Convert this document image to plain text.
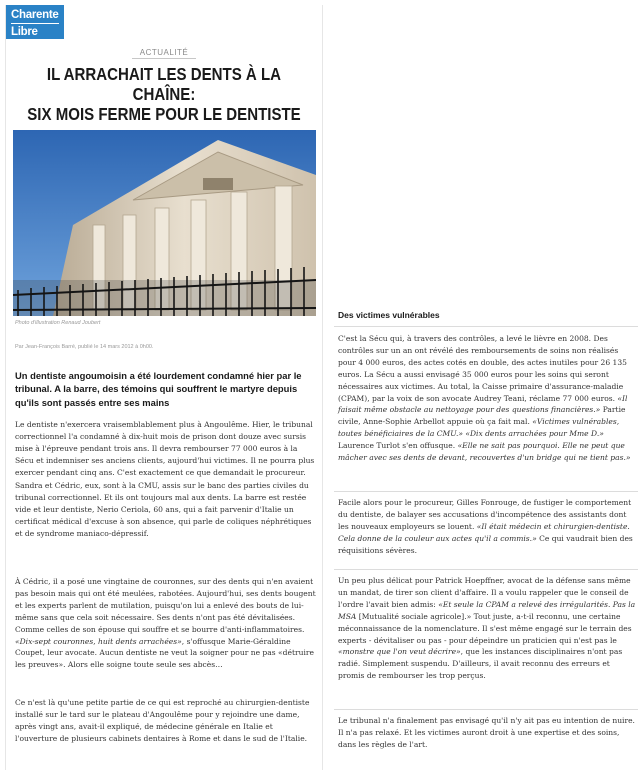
Charente
Libre
ACTUALITÉ
IL ARRACHAIT LES DENTS À LA CHAÎNE:
SIX MOIS FERME POUR LE DENTISTE
Photo d'illustration Renaud Joubert
Par Jean-François Barré, publié le 14 mars 2012 à 0h00.
Un dentiste angoumoisin a été lourdement condamné hier par le tribunal. A la barre, des témoins qui souffrent le martyre depuis qu'ils sont passés entre ses mains
Le dentiste n'exercera vraisemblablement plus à Angoulême. Hier, le tribunal correctionnel l'a condamné à dix-huit mois de prison dont douze avec sursis mise à l'épreuve pendant trois ans. Il devra rembourser 77 000 euros à la Sécu et indemniser ses anciens clients, aujourd'hui victimes. Il ne pourra plus exercer pendant cinq ans. C'est exactement ce que demandait le procureur.
Sandra et Cédric, eux, sont à la CMU, assis sur le banc des parties civiles du tribunal correctionnel. Et ils ont toujours mal aux dents. La barre est restée vide et leur dentiste, Nerio Ceriola, 60 ans, qui a fait parvenir d'Italie un certificat médical d'excuse à son absence, qui parle de coliques néphrétiques et de syndrome maniaco-dépressif.
À Cédric, il a posé une vingtaine de couronnes, sur des dents qui n'en avaient pas besoin mais qui ont été meulées, rabotées. Aujourd'hui, ses dents bougent et les experts parlent de mutilation, puisqu'on lui a enlevé des bouts de lui-même sans que cela soit nécessaire. Ses dents n'ont pas été dévitalisées. Comme celles de son épouse qui souffre et se bourre d'anti-inflammatoires. «Dix-sept couronnes, huit dents arrachées», s'offusque Marie-Géraldine Coupet, leur avocate. Aucun dentiste ne veut la soigner pour ne pas «détruire les preuves». Alors elle soigne toute seule ses abcès…
Ce n'est là qu'une petite partie de ce qui est reproché au chirurgien-dentiste installé sur le tard sur le plateau d'Angoulême pour y rejoindre une dame, après vingt ans, avait-il expliqué, de médecine générale en Italie et l'ouverture de plusieurs cabinets dentaires à Rome et dans le sud de l'Italie.
Des victimes vulnérables
C'est la Sécu qui, à travers des contrôles, a levé le lièvre en 2008. Des contrôles sur un an ont révélé des remboursements de soins non réalisés pour 4 000 euros, des actes cotés en double, des actes inutiles pour 26 135 euros. La Sécu a aussi envisagé 35 000 euros pour les soins qui seront nécessaires aux victimes. Au total, la Caisse primaire d'assurance-maladie (CPAM), par la voix de son avocate Audrey Teani, réclame 77 000 euros. «Il faisait même obstacle au nettoyage pour des questions financières.» Partie civile, Anne-Sophie Arbellot appuie où ça fait mal. «Victimes vulnérables, toutes bénéficiaires de la CMU.» «Dix dents arrachées pour Mme D.» Laurence Turlot s'en offusque. «Elle ne sait pas pourquoi. Elle ne peut que mâcher avec ses dents de devant, recouvertes d'un bridge qui ne tient pas.»
Facile alors pour le procureur, Gilles Fonrouge, de fustiger le comportement du dentiste, de balayer ses accusations d'incompétence des assistants dont les nouveaux employeurs se louent. «Il était médecin et chirurgien-dentiste. Cela donne de la couleur aux actes qu'il a commis.» Ce qui vaudrait bien des réquisitions sévères.
Un peu plus délicat pour Patrick Hoepffner, avocat de la défense sans même un mandat, de tirer son client d'affaire. Il a voulu rappeler que le conseil de l'ordre l'avait bien admis: «Et seule la CPAM a relevé des irrégularités. Pas la MSA [Mutualité sociale agricole].» Tout juste, a-t-il reconnu, une certaine méconnaissance de la nomenclature. Il s'est même engagé sur le terrain des experts - dévitaliser ou pas - pour dépeindre un praticien qui n'est pas le «monstre que l'on veut décrire», que les instances disciplinaires n'ont pas radié. Simplement suspendu. D'ailleurs, il avait reconnu des erreurs et promis de rembourser les trop perçus.
Le tribunal n'a finalement pas envisagé qu'il n'y ait pas eu intention de nuire. Il n'a pas relaxé. Et les victimes auront droit à une expertise et des soins, dans les règles de l'art.
